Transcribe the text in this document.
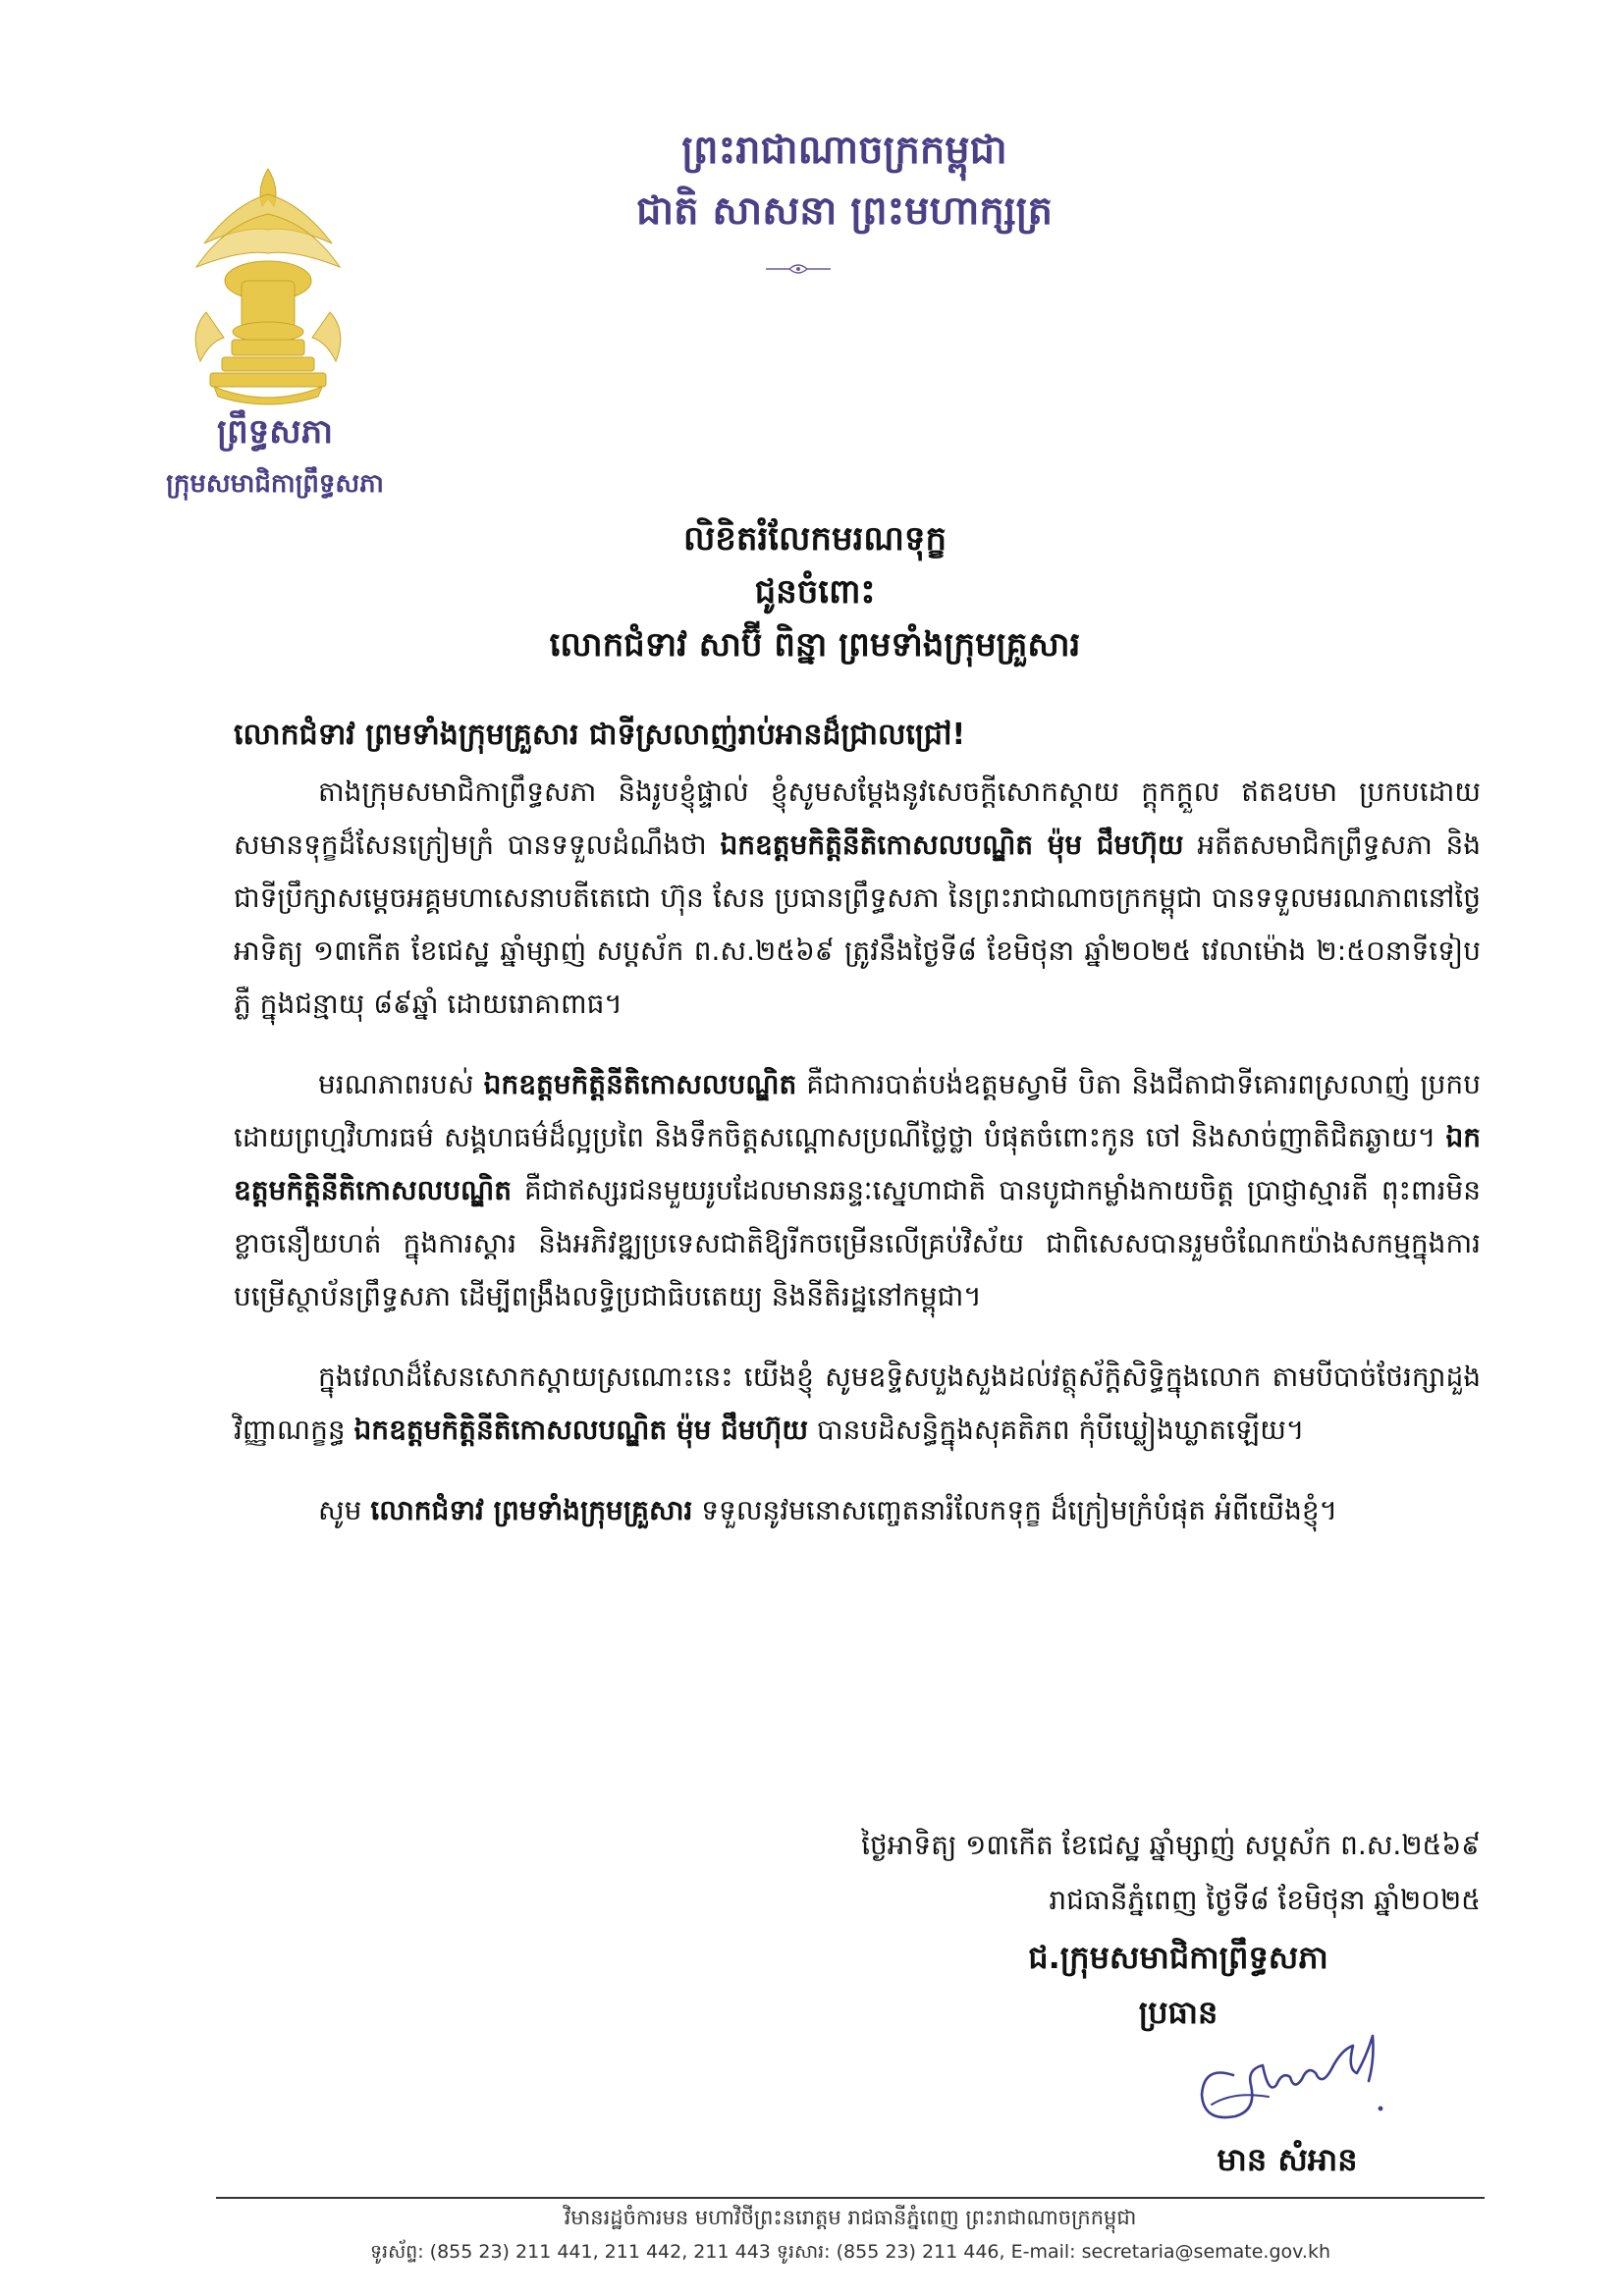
ព្រះរាជាណាចក្រកម្ពុជា
ជាតិ សាសនា ព្រះមហាក្សត្រ
ព្រឹទ្ធសភា
ក្រុមសមាជិកាព្រឹទ្ធសភា
លិខិតរំលែកមរណទុក្ខ
ជូនចំពោះ
លោកជំទាវ សាប៊ី ពិន្នា ព្រមទាំងក្រុមគ្រួសារ

លោកជំទាវ ព្រមទាំងក្រុមគ្រួសារ ជាទីស្រលាញ់រាប់អានដ៏ជ្រាលជ្រៅ!

តាងក្រុមសមាជិកាព្រឹទ្ធសភា និងរូបខ្ញុំផ្ទាល់ ខ្ញុំសូមសម្តែងនូវសេចក្តីសោកស្តាយ ក្តុកក្តួល ឥតឧបមា ប្រកបដោយសមានទុក្ខដ៏សែនក្រៀមក្រំ បានទទួលដំណឹងថា ឯកឧត្តមកិត្តិនីតិកោសលបណ្ឌិត ម៉ុម ជឹមហ៊ុយ អតីតសមាជិកព្រឹទ្ធសភា និងជាទីប្រឹក្សាសម្តេចអគ្គមហាសេនាបតីតេជោ ហ៊ុន សែន ប្រធានព្រឹទ្ធសភា នៃព្រះរាជាណាចក្រកម្ពុជា បានទទួលមរណភាពនៅថ្ងៃអាទិត្យ ១៣កើត ខែជេស្ឋ ឆ្នាំម្សាញ់ សប្តស័ក ព.ស.២៥៦៩ ត្រូវនឹងថ្ងៃទី៨ ខែមិថុនា ឆ្នាំ២០២៥ វេលាម៉ោង ២:៥០នាទីទៀបភ្លឺ ក្នុងជន្មាយុ ៨៩ឆ្នាំ ដោយរោគាពាធ។

មរណភាពរបស់ ឯកឧត្តមកិត្តិនីតិកោសលបណ្ឌិត គឺជាការបាត់បង់ឧត្តមស្វាមី បិតា និងជីតាជាទីគោរពស្រលាញ់ ប្រកបដោយព្រហ្មវិហារធម៌ សង្គហធម៌ដ៏ល្អប្រពៃ និងទឹកចិត្តសណ្តោសប្រណីថ្លៃថ្លា បំផុតចំពោះកូន ចៅ និងសាច់ញាតិជិតឆ្ងាយ។ ឯកឧត្តមកិត្តិនីតិកោសលបណ្ឌិត គឺជាឥស្សរជនមួយរូបដែលមានឆន្ទៈស្នេហាជាតិ បានបូជាកម្លាំងកាយចិត្ត ប្រាជ្ញាស្មារតី ពុះពារមិនខ្លាចនឿយហត់ ក្នុងការស្តារ និងអភិវឌ្ឍប្រទេសជាតិឱ្យរីកចម្រើនលើគ្រប់វិស័យ ជាពិសេសបានរួមចំណែកយ៉ាងសកម្មក្នុងការបម្រើស្ថាប័នព្រឹទ្ធសភា ដើម្បីពង្រឹងលទ្ធិប្រជាធិបតេយ្យ និងនីតិរដ្ឋនៅកម្ពុជា។

ក្នុងវេលាដ៏សែនសោកស្តាយស្រណោះនេះ យើងខ្ញុំ សូមឧទ្ទិសបួងសួងដល់វត្ថុស័ក្តិសិទ្ធិក្នុងលោក តាមបីបាច់ថែរក្សាដួងវិញ្ញាណក្ខន្ធ ឯកឧត្តមកិត្តិនីតិកោសលបណ្ឌិត ម៉ុម ជឹមហ៊ុយ បានបដិសន្ធិក្នុងសុគតិភព កុំបីឃ្លៀងឃ្លាតឡើយ។

សូម លោកជំទាវ ព្រមទាំងក្រុមគ្រួសារ ទទួលនូវមនោសញ្ចេតនារំលែកទុក្ខ ដ៏ក្រៀមក្រំបំផុត អំពីយើងខ្ញុំ។

ថ្ងៃអាទិត្យ ១៣កើត ខែជេស្ឋ ឆ្នាំម្សាញ់ សប្តស័ក ព.ស.២៥៦៩
រាជធានីភ្នំពេញ ថ្ងៃទី៨ ខែមិថុនា ឆ្នាំ២០២៥
ជ.ក្រុមសមាជិកាព្រឹទ្ធសភា
ប្រធាន
មាន សំអាន
វិមានរដ្ឋចំការមន មហាវិថីព្រះនរោត្តម រាជធានីភ្នំពេញ ព្រះរាជាណាចក្រកម្ពុជា
ទូរស័ព្ទ: (855 23) 211 441, 211 442, 211 443 ទូរសារ: (855 23) 211 446, E-mail: secretaria@semate.gov.kh
